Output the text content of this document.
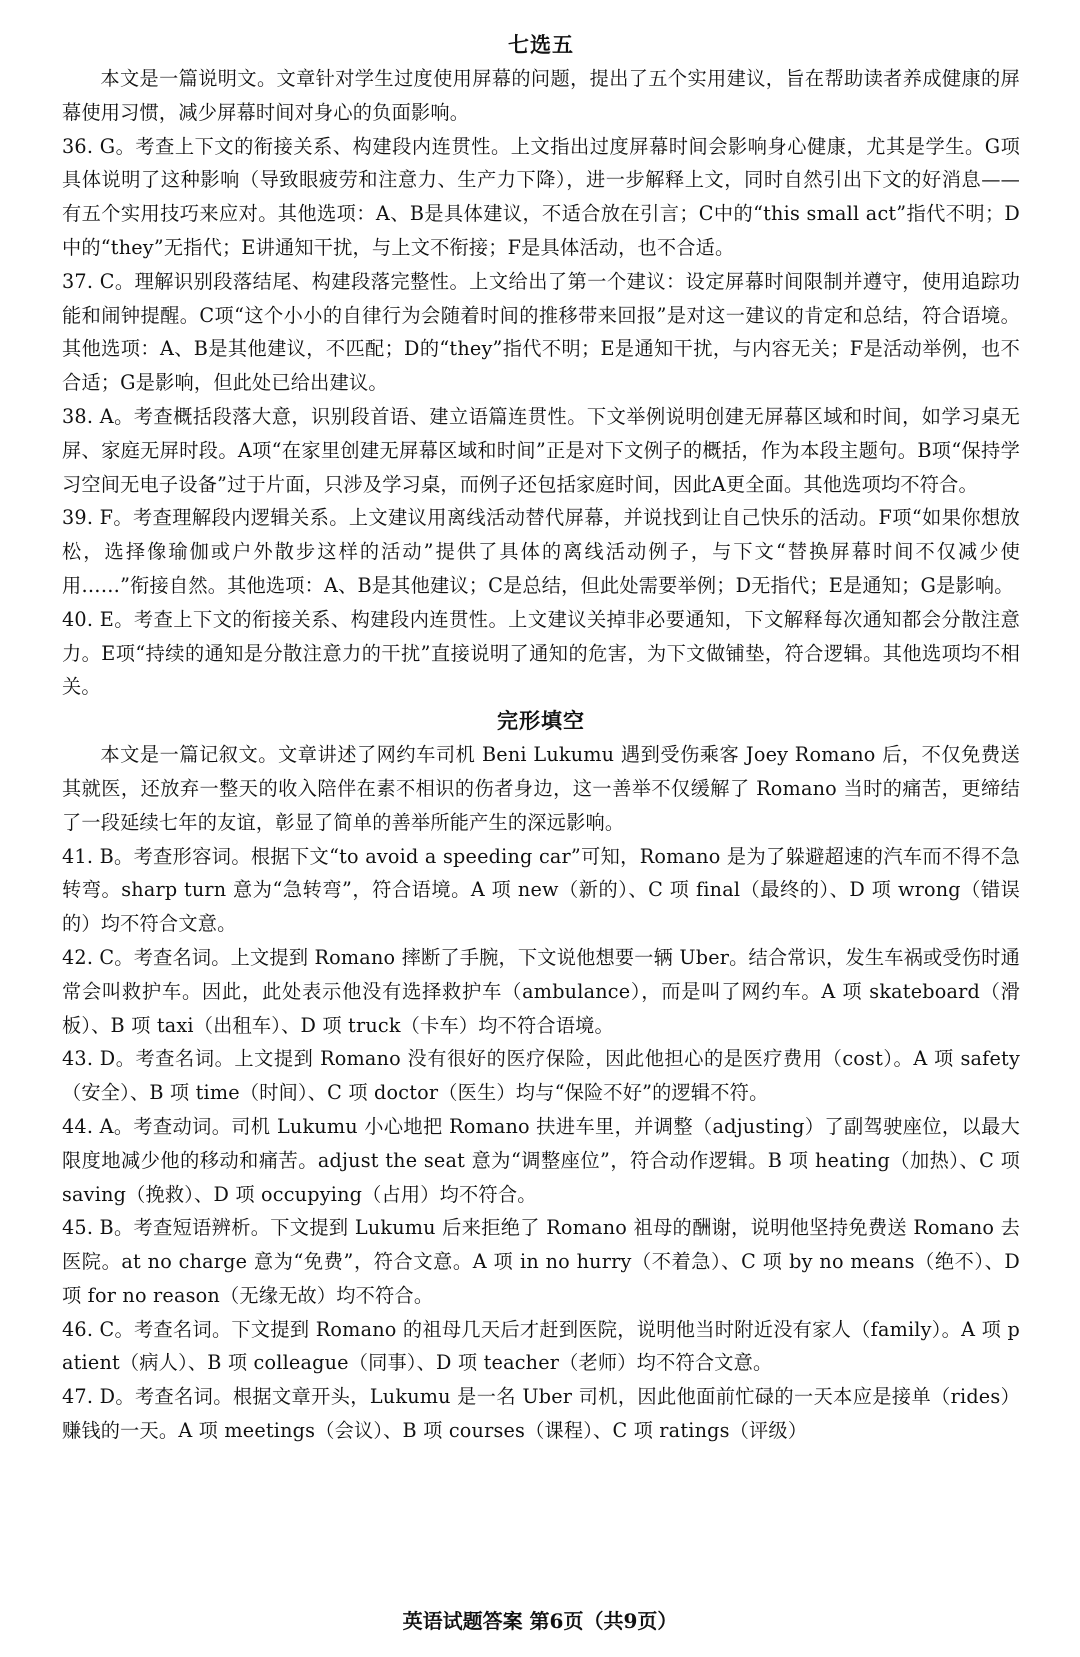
七选五

本文是一篇说明文。文章针对学生过度使用屏幕的问题，提出了五个实用建议，旨在帮助读者养成健康的屏幕使用习惯，减少屏幕时间对身心的负面影响。

36. G。考查上下文的衔接关系、构建段内连贯性。上文指出过度屏幕时间会影响身心健康，尤其是学生。G项具体说明了这种影响（导致眼疲劳和注意力、生产力下降），进一步解释上文，同时自然引出下文的好消息——有五个实用技巧来应对。其他选项：A、B是具体建议，不适合放在引言；C中的“this small act”指代不明；D中的“they”无指代；E讲通知干扰，与上文不衔接；F是具体活动，也不合适。

37. C。理解识别段落结尾、构建段落完整性。上文给出了第一个建议：设定屏幕时间限制并遵守，使用追踪功能和闹钟提醒。C项“这个小小的自律行为会随着时间的推移带来回报”是对这一建议的肯定和总结，符合语境。其他选项：A、B是其他建议，不匹配；D的“they”指代不明；E是通知干扰，与内容无关；F是活动举例，也不合适；G是影响，但此处已给出建议。

38. A。考查概括段落大意，识别段首语、建立语篇连贯性。下文举例说明创建无屏幕区域和时间，如学习桌无屏、家庭无屏时段。A项“在家里创建无屏幕区域和时间”正是对下文例子的概括，作为本段主题句。B项“保持学习空间无电子设备”过于片面，只涉及学习桌，而例子还包括家庭时间，因此A更全面。其他选项均不符合。

39. F。考查理解段内逻辑关系。上文建议用离线活动替代屏幕，并说找到让自己快乐的活动。F项“如果你想放松，选择像瑜伽或户外散步这样的活动”提供了具体的离线活动例子，与下文“替换屏幕时间不仅减少使用……”衔接自然。其他选项：A、B是其他建议；C是总结，但此处需要举例；D无指代；E是通知；G是影响。

40. E。考查上下文的衔接关系、构建段内连贯性。上文建议关掉非必要通知，下文解释每次通知都会分散注意力。E项“持续的通知是分散注意力的干扰”直接说明了通知的危害，为下文做铺垫，符合逻辑。其他选项均不相关。

完形填空

本文是一篇记叙文。文章讲述了网约车司机 Beni Lukumu 遇到受伤乘客 Joey Romano 后，不仅免费送其就医，还放弃一整天的收入陪伴在素不相识的伤者身边，这一善举不仅缓解了 Romano 当时的痛苦，更缔结了一段延续七年的友谊，彰显了简单的善举所能产生的深远影响。

41. B。考查形容词。根据下文“to avoid a speeding car”可知，Romano 是为了躲避超速的汽车而不得不急转弯。sharp turn 意为“急转弯”，符合语境。A 项 new（新的）、C 项 final（最终的）、D 项 wrong（错误的）均不符合文意。

42. C。考查名词。上文提到 Romano 摔断了手腕，下文说他想要一辆 Uber。结合常识，发生车祸或受伤时通常会叫救护车。因此，此处表示他没有选择救护车（ambulance），而是叫了网约车。A 项 skateboard（滑板）、B 项 taxi（出租车）、D 项 truck（卡车）均不符合语境。

43. D。考查名词。上文提到 Romano 没有很好的医疗保险，因此他担心的是医疗费用（cost）。A 项 safety（安全）、B 项 time（时间）、C 项 doctor（医生）均与“保险不好”的逻辑不符。

44. A。考查动词。司机 Lukumu 小心地把 Romano 扶进车里，并调整（adjusting）了副驾驶座位，以最大限度地减少他的移动和痛苦。adjust the seat 意为“调整座位”，符合动作逻辑。B 项 heating（加热）、C 项 saving（挽救）、D 项 occupying（占用）均不符合。

45. B。考查短语辨析。下文提到 Lukumu 后来拒绝了 Romano 祖母的酬谢，说明他坚持免费送 Romano 去医院。at no charge 意为“免费”，符合文意。A 项 in no hurry（不着急）、C 项 by no means（绝不）、D 项 for no reason（无缘无故）均不符合。

46. C。考查名词。下文提到 Romano 的祖母几天后才赶到医院，说明他当时附近没有家人（family）。A 项 patient（病人）、B 项 colleague（同事）、D 项 teacher（老师）均不符合文意。

47. D。考查名词。根据文章开头，Lukumu 是一名 Uber 司机，因此他面前忙碌的一天本应是接单（rides）赚钱的一天。A 项 meetings（会议）、B 项 courses（课程）、C 项 ratings（评级）

英语试题答案 第6页（共9页）
